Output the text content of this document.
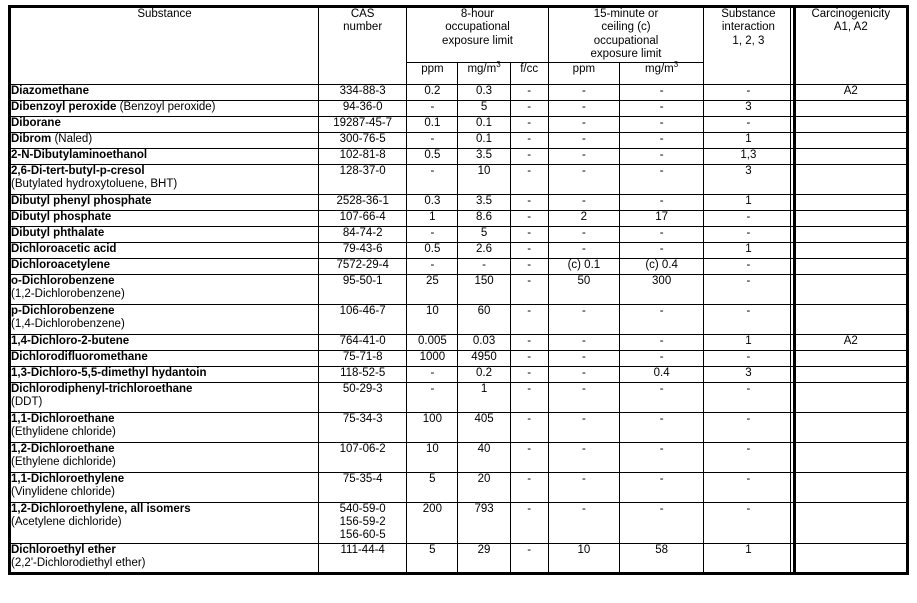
Substance	CAS
number	8-hour
occupational
exposure limit			15-minute or
ceiling (c)
occupational
exposure limit		Substance
interaction
1, 2, 3	Carcinogenicity
A1, A2

		ppm	$mg/m^3$	f/cc	ppm	$mg/m^3$
Diazomethane	334-88-3	0.2	0.3	-	-	-	-	A2
Dibenzoyl peroxide (Benzoyl peroxide)	94-36-0	-	5	-	-	-	3	
Diborane	19287-45-7	0.1	0.1	-	-	-	-	
Dibrom (Naled)	300-76-5	-	0.1	-	-	-	1	
2-N-Dibutylaminoethanol	102-81-8	0.5	3.5	-	-	-	1,3	
2,6-Di-tert-butyl-p-cresol
(Butylated hydroxytoluene, BHT)	128-37-0	-	10	-	-	-	3	
Dibutyl phenyl phosphate	2528-36-1	0.3	3.5	-	-	-	1	
Dibutyl phosphate	107-66-4	1	8.6	-	2	17	-	
Dibutyl phthalate	84-74-2	-	5	-	-	-	-	
Dichloroacetic acid	79-43-6	0.5	2.6	-	-	-	1	
Dichloroacetylene	7572-29-4	-	-	-	(c) 0.1	(c) 0.4	-	
o-Dichlorobenzene
(1,2-Dichlorobenzene)	95-50-1	25	150	-	50	300	-	
p-Dichlorobenzene
(1,4-Dichlorobenzene)	106-46-7	10	60	-	-	-	-	
1,4-Dichloro-2-butene	764-41-0	0.005	0.03	-	-	-	1	A2
Dichlorodifluoromethane	75-71-8	1000	4950	-	-	-	-	
1,3-Dichloro-5,5-dimethyl hydantoin	118-52-5	-	0.2	-	-	0.4	3	
Dichlorodiphenyl-trichloroethane
(DDT)	50-29-3	-	1	-	-	-	-	
1,1-Dichloroethane
(Ethylidene chloride)	75-34-3	100	405	-	-	-	-	
1,2-Dichloroethane
(Ethylene dichloride)	107-06-2	10	40	-	-	-	-	
1,1-Dichloroethylene
(Vinylidene chloride)	75-35-4	5	20	-	-	-	-	
1,2-Dichloroethylene, all isomers
(Acetylene dichloride)	540-59-0
156-59-2
156-60-5	200	793	-	-	-	-	
Dichloroethyl ether
(2,2'-Dichlorodiethyl ether)	111-44-4	5	29	-	10	58	1	
